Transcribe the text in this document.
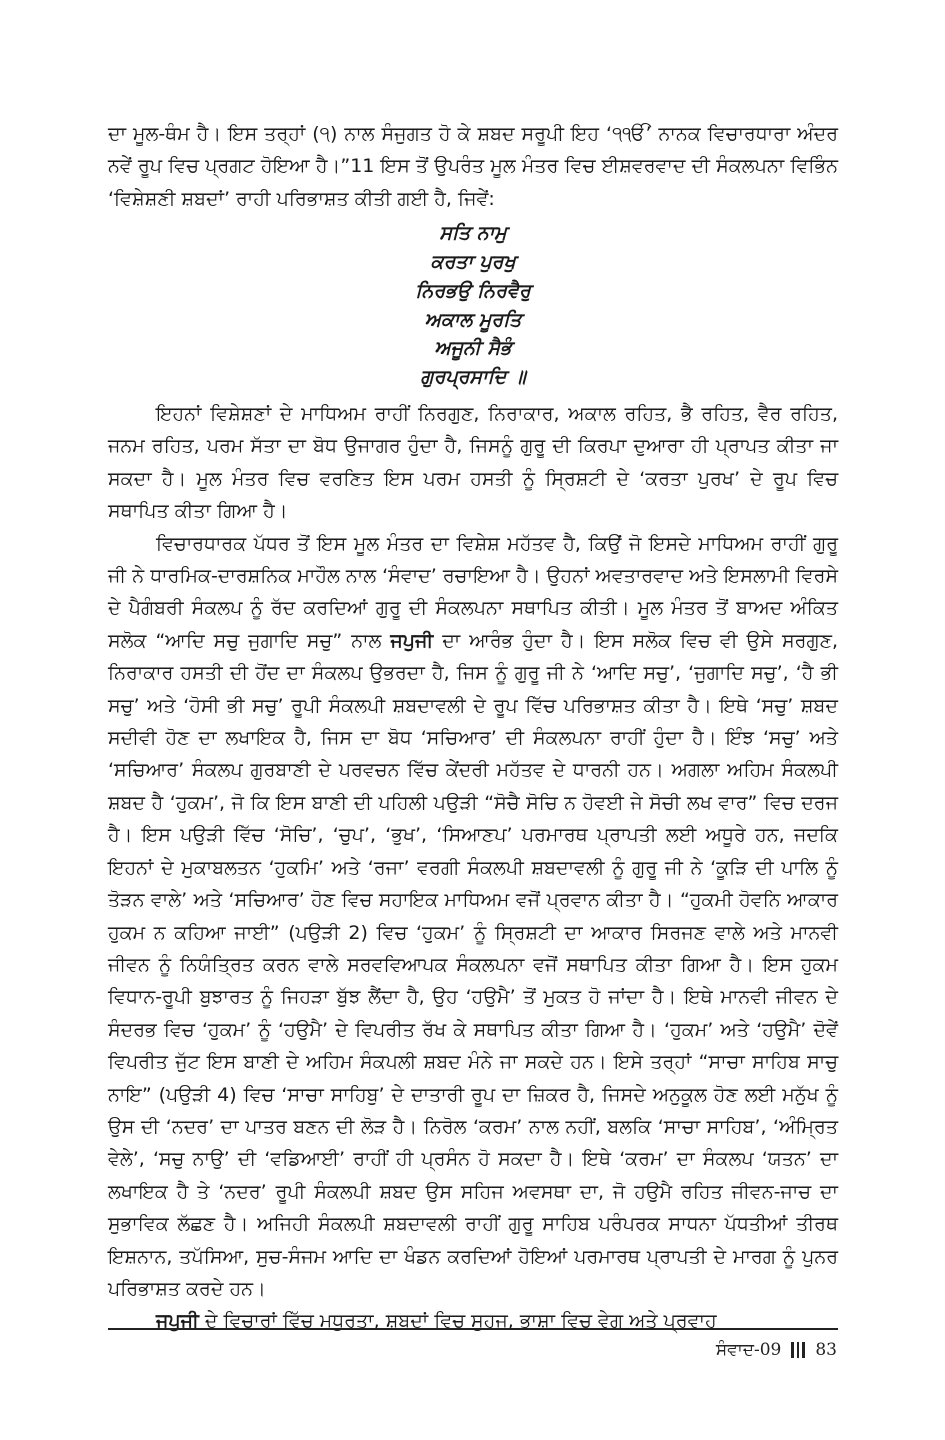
ਦਾ ਮੂਲ-ਥੰਮ ਹੈ। ਇਸ ਤਰ੍ਹਾਂ (੧) ਨਾਲ ਸੰਜੁਗਤ ਹੋ ਕੇ ਸ਼ਬਦ ਸਰੂਪੀ ਇਹ ‘੧ੴ’ ਨਾਨਕ ਵਿਚਾਰਧਾਰਾ ਅੰਦਰ ਨਵੇਂ ਰੂਪ ਵਿਚ ਪ੍ਰਗਟ ਹੋਇਆ ਹੈ।”11 ਇਸ ਤੋਂ ਉਪਰੰਤ ਮੂਲ ਮੰਤਰ ਵਿਚ ਈਸ਼ਵਰਵਾਦ ਦੀ ਸੰਕਲਪਨਾ ਵਿਭਿੰਨ ‘ਵਿਸ਼ੇਸ਼ਣੀ ਸ਼ਬਦਾਂ’ ਰਾਹੀ ਪਰਿਭਾਸ਼ਤ ਕੀਤੀ ਗਈ ਹੈ, ਜਿਵੇਂ:

ਸਤਿ ਨਾਮੁ

ਕਰਤਾ ਪੁਰਖੁ

ਨਿਰਭਉ ਨਿਰਵੈਰੁ

ਅਕਾਲ ਮੂਰਤਿ

ਅਜੂਨੀ ਸੈਭੰ

ਗੁਰਪ੍ਰਸਾਦਿ ॥

ਇਹਨਾਂ ਵਿਸ਼ੇਸ਼ਣਾਂ ਦੇ ਮਾਧਿਅਮ ਰਾਹੀਂ ਨਿਰਗੁਣ, ਨਿਰਾਕਾਰ, ਅਕਾਲ ਰਹਿਤ, ਭੈ ਰਹਿਤ, ਵੈਰ ਰਹਿਤ, ਜਨਮ ਰਹਿਤ, ਪਰਮ ਸੱਤਾ ਦਾ ਬੋਧ ਉਜਾਗਰ ਹੁੰਦਾ ਹੈ, ਜਿਸਨੂੰ ਗੁਰੂ ਦੀ ਕਿਰਪਾ ਦੁਆਰਾ ਹੀ ਪ੍ਰਾਪਤ ਕੀਤਾ ਜਾ ਸਕਦਾ ਹੈ। ਮੂਲ ਮੰਤਰ ਵਿਚ ਵਰਣਿਤ ਇਸ ਪਰਮ ਹਸਤੀ ਨੂੰ ਸ੍ਰਿਸ਼ਟੀ ਦੇ ‘ਕਰਤਾ ਪੁਰਖ’ ਦੇ ਰੂਪ ਵਿਚ ਸਥਾਪਿਤ ਕੀਤਾ ਗਿਆ ਹੈ।

ਵਿਚਾਰਧਾਰਕ ਪੱਧਰ ਤੋਂ ਇਸ ਮੂਲ ਮੰਤਰ ਦਾ ਵਿਸ਼ੇਸ਼ ਮਹੱਤਵ ਹੈ, ਕਿਉਂ ਜੋ ਇਸਦੇ ਮਾਧਿਅਮ ਰਾਹੀਂ ਗੁਰੂ ਜੀ ਨੇ ਧਾਰਮਿਕ-ਦਾਰਸ਼ਨਿਕ ਮਾਹੌਲ ਨਾਲ ‘ਸੰਵਾਦ’ ਰਚਾਇਆ ਹੈ। ਉਹਨਾਂ ਅਵਤਾਰਵਾਦ ਅਤੇ ਇਸਲਾਮੀ ਵਿਰਸੇ ਦੇ ਪੈਗੰਬਰੀ ਸੰਕਲਪ ਨੂੰ ਰੱਦ ਕਰਦਿਆਂ ਗੁਰੂ ਦੀ ਸੰਕਲਪਨਾ ਸਥਾਪਿਤ ਕੀਤੀ। ਮੂਲ ਮੰਤਰ ਤੋਂ ਬਾਅਦ ਅੰਕਿਤ ਸਲੋਕ “ਆਦਿ ਸਚੁ ਜੁਗਾਦਿ ਸਚੁ” ਨਾਲ ਜਪੁਜੀ ਦਾ ਆਰੰਭ ਹੁੰਦਾ ਹੈ। ਇਸ ਸਲੋਕ ਵਿਚ ਵੀ ਉਸੇ ਸਰਗੁਣ, ਨਿਰਾਕਾਰ ਹਸਤੀ ਦੀ ਹੋਂਦ ਦਾ ਸੰਕਲਪ ਉਭਰਦਾ ਹੈ, ਜਿਸ ਨੂੰ ਗੁਰੂ ਜੀ ਨੇ ‘ਆਦਿ ਸਚੁ’, ‘ਜੁਗਾਦਿ ਸਚੁ’, ‘ਹੈ ਭੀ ਸਚੁ’ ਅਤੇ ‘ਹੋਸੀ ਭੀ ਸਚੁ’ ਰੂਪੀ ਸੰਕਲਪੀ ਸ਼ਬਦਾਵਲੀ ਦੇ ਰੂਪ ਵਿੱਚ ਪਰਿਭਾਸ਼ਤ ਕੀਤਾ ਹੈ। ਇਥੇ ‘ਸਚੁ’ ਸ਼ਬਦ ਸਦੀਵੀ ਹੋਣ ਦਾ ਲਖਾਇਕ ਹੈ, ਜਿਸ ਦਾ ਬੋਧ ‘ਸਚਿਆਰ’ ਦੀ ਸੰਕਲਪਨਾ ਰਾਹੀਂ ਹੁੰਦਾ ਹੈ। ਇੰਝ ‘ਸਚੁ’ ਅਤੇ ‘ਸਚਿਆਰ’ ਸੰਕਲਪ ਗੁਰਬਾਣੀ ਦੇ ਪਰਵਚਨ ਵਿੱਚ ਕੇਂਦਰੀ ਮਹੱਤਵ ਦੇ ਧਾਰਨੀ ਹਨ। ਅਗਲਾ ਅਹਿਮ ਸੰਕਲਪੀ ਸ਼ਬਦ ਹੈ ‘ਹੁਕਮ’, ਜੋ ਕਿ ਇਸ ਬਾਣੀ ਦੀ ਪਹਿਲੀ ਪਉੜੀ “ਸੋਚੈ ਸੋਚਿ ਨ ਹੋਵਈ ਜੇ ਸੋਚੀ ਲਖ ਵਾਰ” ਵਿਚ ਦਰਜ ਹੈ। ਇਸ ਪਉੜੀ ਵਿੱਚ ‘ਸੋਚਿ’, ‘ਚੁਪ’, ‘ਭੁਖ’, ‘ਸਿਆਣਪ’ ਪਰਮਾਰਥ ਪ੍ਰਾਪਤੀ ਲਈ ਅਧੂਰੇ ਹਨ, ਜਦਕਿ ਇਹਨਾਂ ਦੇ ਮੁਕਾਬਲਤਨ ‘ਹੁਕਮਿ’ ਅਤੇ ‘ਰਜਾ’ ਵਰਗੀ ਸੰਕਲਪੀ ਸ਼ਬਦਾਵਲੀ ਨੂੰ ਗੁਰੂ ਜੀ ਨੇ ‘ਕੂੜਿ ਦੀ ਪਾਲਿ ਨੂੰ ਤੋੜਨ ਵਾਲੇ’ ਅਤੇ ‘ਸਚਿਆਰ’ ਹੋਣ ਵਿਚ ਸਹਾਇਕ ਮਾਧਿਅਮ ਵਜੋਂ ਪ੍ਰਵਾਨ ਕੀਤਾ ਹੈ। “ਹੁਕਮੀ ਹੋਵਨਿ ਆਕਾਰ ਹੁਕਮ ਨ ਕਹਿਆ ਜਾਈ” (ਪਉੜੀ 2) ਵਿਚ ‘ਹੁਕਮ’ ਨੂੰ ਸ੍ਰਿਸ਼ਟੀ ਦਾ ਆਕਾਰ ਸਿਰਜਣ ਵਾਲੇ ਅਤੇ ਮਾਨਵੀ ਜੀਵਨ ਨੂੰ ਨਿਯੰਤ੍ਰਿਤ ਕਰਨ ਵਾਲੇ ਸਰਵਵਿਆਪਕ ਸੰਕਲਪਨਾ ਵਜੋਂ ਸਥਾਪਿਤ ਕੀਤਾ ਗਿਆ ਹੈ। ਇਸ ਹੁਕਮ ਵਿਧਾਨ-ਰੂਪੀ ਬੁਝਾਰਤ ਨੂੰ ਜਿਹੜਾ ਬੁੱਝ ਲੈਂਦਾ ਹੈ, ਉਹ ‘ਹਉਮੈ’ ਤੋਂ ਮੁਕਤ ਹੋ ਜਾਂਦਾ ਹੈ। ਇਥੇ ਮਾਨਵੀ ਜੀਵਨ ਦੇ ਸੰਦਰਭ ਵਿਚ ‘ਹੁਕਮ’ ਨੂੰ ‘ਹਉਮੈ’ ਦੇ ਵਿਪਰੀਤ ਰੱਖ ਕੇ ਸਥਾਪਿਤ ਕੀਤਾ ਗਿਆ ਹੈ। ‘ਹੁਕਮ’ ਅਤੇ ‘ਹਉਮੈ’ ਦੋਵੇਂ ਵਿਪਰੀਤ ਜੁੱਟ ਇਸ ਬਾਣੀ ਦੇ ਅਹਿਮ ਸੰਕਪਲੀ ਸ਼ਬਦ ਮੰਨੇ ਜਾ ਸਕਦੇ ਹਨ। ਇਸੇ ਤਰ੍ਹਾਂ “ਸਾਚਾ ਸਾਹਿਬ ਸਾਚੁ ਨਾਇ” (ਪਉੜੀ 4) ਵਿਚ ‘ਸਾਚਾ ਸਾਹਿਬੁ’ ਦੇ ਦਾਤਾਰੀ ਰੂਪ ਦਾ ਜ਼ਿਕਰ ਹੈ, ਜਿਸਦੇ ਅਨੁਕੂਲ ਹੋਣ ਲਈ ਮਨੁੱਖ ਨੂੰ ਉਸ ਦੀ ‘ਨਦਰ’ ਦਾ ਪਾਤਰ ਬਣਨ ਦੀ ਲੋੜ ਹੈ। ਨਿਰੋਲ ‘ਕਰਮ’ ਨਾਲ ਨਹੀਂ, ਬਲਕਿ ‘ਸਾਚਾ ਸਾਹਿਬ’, ‘ਅੰਮ੍ਰਿਤ ਵੇਲੇ’, ‘ਸਚੁ ਨਾਉ’ ਦੀ ‘ਵਡਿਆਈ’ ਰਾਹੀਂ ਹੀ ਪ੍ਰਸੰਨ ਹੋ ਸਕਦਾ ਹੈ। ਇਥੇ ‘ਕਰਮ’ ਦਾ ਸੰਕਲਪ ‘ਯਤਨ’ ਦਾ ਲਖਾਇਕ ਹੈ ਤੇ ‘ਨਦਰ’ ਰੂਪੀ ਸੰਕਲਪੀ ਸ਼ਬਦ ਉਸ ਸਹਿਜ ਅਵਸਥਾ ਦਾ, ਜੋ ਹਉਮੈ ਰਹਿਤ ਜੀਵਨ-ਜਾਚ ਦਾ ਸੁਭਾਵਿਕ ਲੱਛਣ ਹੈ। ਅਜਿਹੀ ਸੰਕਲਪੀ ਸ਼ਬਦਾਵਲੀ ਰਾਹੀਂ ਗੁਰੂ ਸਾਹਿਬ ਪਰੰਪਰਕ ਸਾਧਨਾ ਪੱਧਤੀਆਂ ਤੀਰਥ ਇਸ਼ਨਾਨ, ਤਪੱਸਿਆ, ਸੁਚ-ਸੰਜਮ ਆਦਿ ਦਾ ਖੰਡਨ ਕਰਦਿਆਂ ਹੋਇਆਂ ਪਰਮਾਰਥ ਪ੍ਰਾਪਤੀ ਦੇ ਮਾਰਗ ਨੂੰ ਪੁਨਰ ਪਰਿਭਾਸ਼ਤ ਕਰਦੇ ਹਨ।

ਜਪੁਜੀ ਦੇ ਵਿਚਾਰਾਂ ਵਿੱਚ ਮਧੁਰਤਾ, ਸ਼ਬਦਾਂ ਵਿਚ ਸੁਹਜ, ਭਾਸ਼ਾ ਵਿਚ ਵੇਗ ਅਤੇ ਪ੍ਰਵਾਹ

ਸੰਵਾਦ-09 83
